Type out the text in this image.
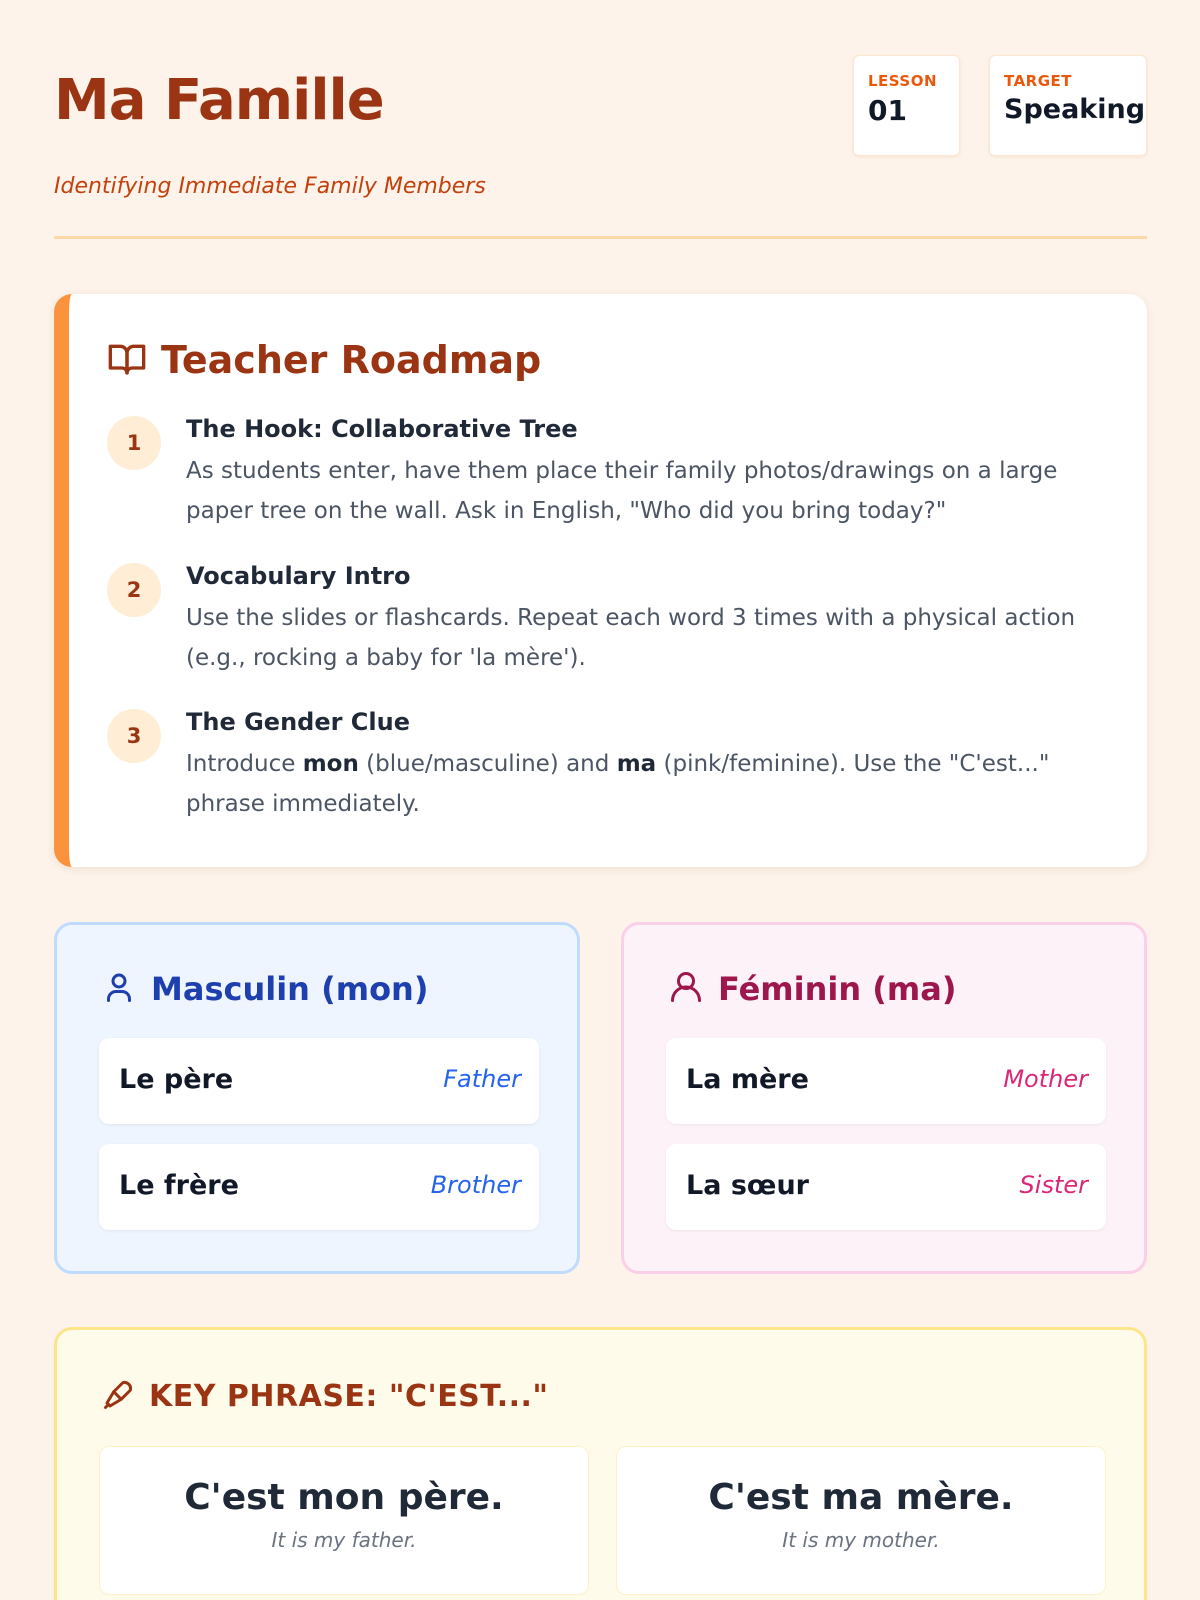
Ma Famille
Identifying Immediate Family Members
LESSON
01
TARGET
Speaking
Teacher Roadmap
1	The Hook: Collaborative Tree
As students enter, have them place their family photos/drawings on a large paper tree on the wall. Ask in English, "Who did you bring today?"
2	Vocabulary Intro
Use the slides or flashcards. Repeat each word 3 times with a physical action (e.g., rocking a baby for 'la mère').
3	The Gender Clue
Introduce mon (blue/masculine) and ma (pink/feminine). Use the "C'est..." phrase immediately.
Masculin (mon)
Le père	Father
Le frère	Brother
Féminin (ma)
La mère	Mother
La sœur	Sister
KEY PHRASE: "C'EST..."
C'est mon père.
It is my father.
C'est ma mère.
It is my mother.
